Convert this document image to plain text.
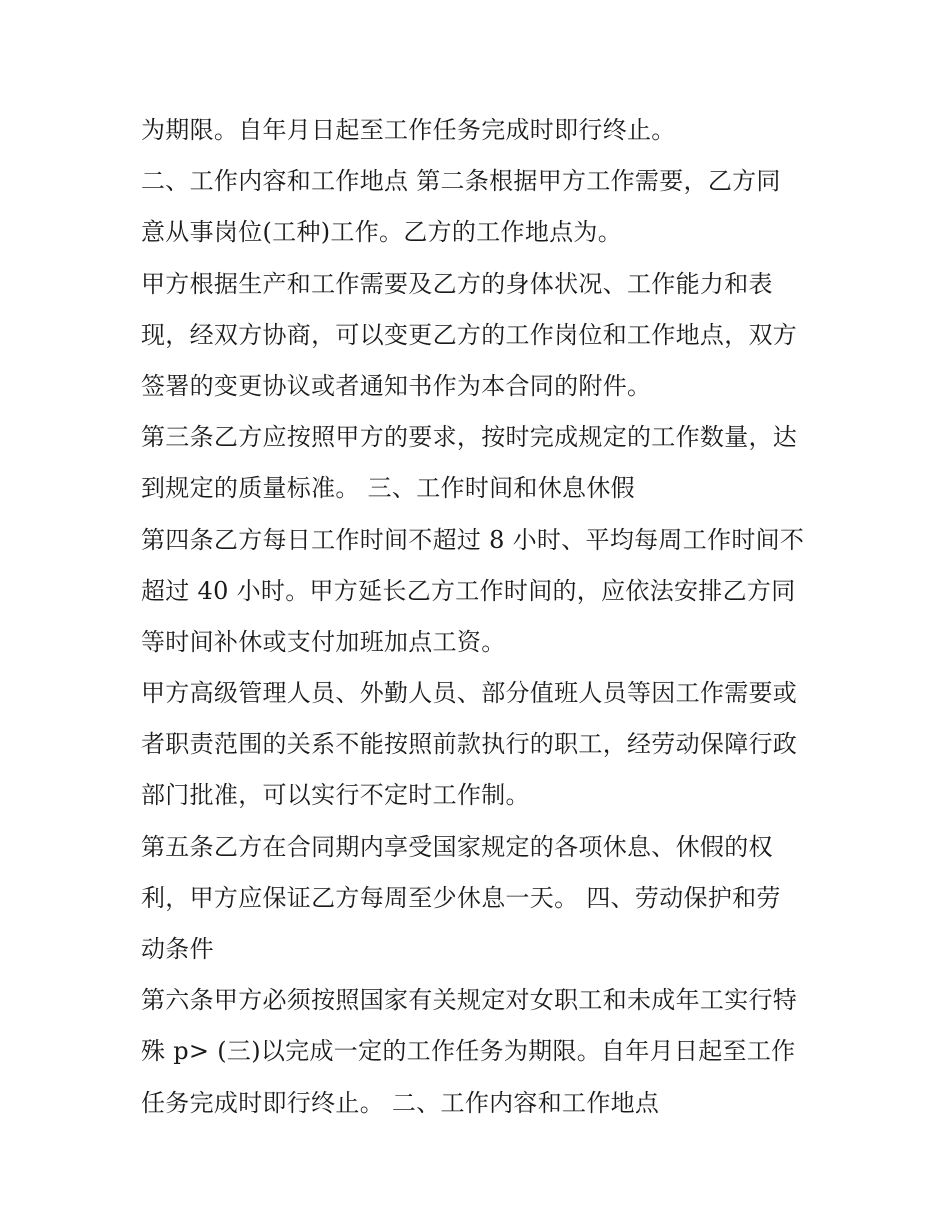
为期限。自年月日起至工作任务完成时即行终止。
二、工作内容和工作地点 第二条根据甲方工作需要，乙方同
意从事岗位(工种)工作。乙方的工作地点为。
甲方根据生产和工作需要及乙方的身体状况、工作能力和表
现，经双方协商，可以变更乙方的工作岗位和工作地点，双方
签署的变更协议或者通知书作为本合同的附件。
第三条乙方应按照甲方的要求，按时完成规定的工作数量，达
到规定的质量标准。 三、工作时间和休息休假
第四条乙方每日工作时间不超过 8 小时、平均每周工作时间不
超过 40 小时。甲方延长乙方工作时间的，应依法安排乙方同
等时间补休或支付加班加点工资。
甲方高级管理人员、外勤人员、部分值班人员等因工作需要或
者职责范围的关系不能按照前款执行的职工，经劳动保障行政
部门批准，可以实行不定时工作制。
第五条乙方在合同期内享受国家规定的各项休息、休假的权
利，甲方应保证乙方每周至少休息一天。 四、劳动保护和劳
动条件
第六条甲方必须按照国家有关规定对女职工和未成年工实行特
殊 p> (三)以完成一定的工作任务为期限。自年月日起至工作
任务完成时即行终止。 二、工作内容和工作地点
